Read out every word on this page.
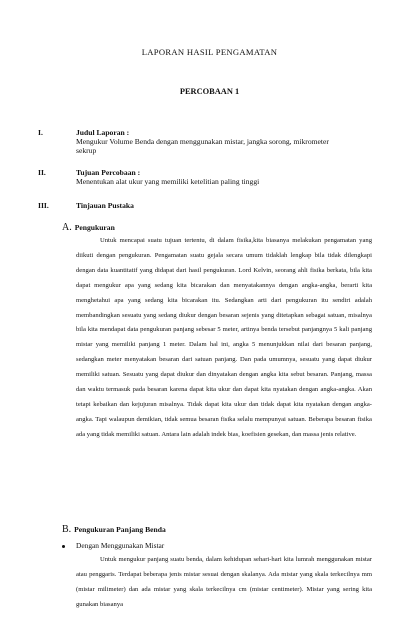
LAPORAN HASIL PENGAMATAN
PERCOBAAN 1
I.	Judul Laporan :
Mengukur Volume Benda dengan menggunakan mistar, jangka sorong, mikrometer
sekrup
II.	Tujuan Percobaan :
Menentukan alat ukur yang memiliki ketelitian paling tinggi
III.	Tinjauan Pustaka
A. Pengukuran

Untuk mencapai suatu tujuan tertentu, di dalam fisika,kita biasanya melakukan pengamatan yang diikuti dengan pengukuran. Pengamatan suatu gejala secara umum tidaklah lengkap bila tidak dilengkapi dengan data kuantitatif yang didapat dari hasil pengukuran. Lord Kelvin, seorang ahli fisika berkata, bila kita dapat mengukur apa yang sedang kita bicarakan dan menyatakannya dengan angka-angka, berarti kita menghetahui apa yang sedang kita bicarakan itu. Sedangkan arti dari pengukuran itu sendiri adalah membandingkan sesuatu yang sedang diukur dengan besaran sejenis yang ditetapkan sebagai satuan, misalnya bila kita mendapat data pengukuran panjang sebesar 5 meter, artinya benda tersebut panjangnya 5 kali panjang mistar yang memiliki panjang 1 meter. Dalam hal ini, angka 5 menunjukkan nilai dari besaran panjang, sedangkan meter menyatakan besaran dari satuan panjang. Dan pada umumnya, sesuatu yang dapat diukur memiliki satuan. Sesuatu yang dapat diukur dan dinyatakan dengan angka kita sebut besaran. Panjang, massa dan waktu termasuk pada besaran karena dapat kita ukur dan dapat kita nyatakan dengan angka-angka. Akan tetapi kebaikan dan kejujuran misalnya. Tidak dapat kita ukur dan tidak dapat kita nyatakan dengan angka-angka. Tapi walaupun demikian, tidak semua besaran fisika selalu mempunyai satuan. Beberapa besaran fisika ada yang tidak memiliki satuan. Antara lain adalah indek bias, koefisien gesekan, dan massa jenis relative.

B. Pengukuran Panjang Benda
Dengan Menggunakan Mistar

Untuk mengukur panjang suatu benda, dalam kehidupan sehari-hari kita lumrah menggunakan mistar atau penggaris. Terdapat beberapa jenis mistar sesuai dengan skalanya. Ada mistar yang skala terkecilnya mm (mistar milimeter) dan ada mistar yang skala terkecilnya cm (mistar centimeter). Mistar yang sering kita gunakan biasanya
